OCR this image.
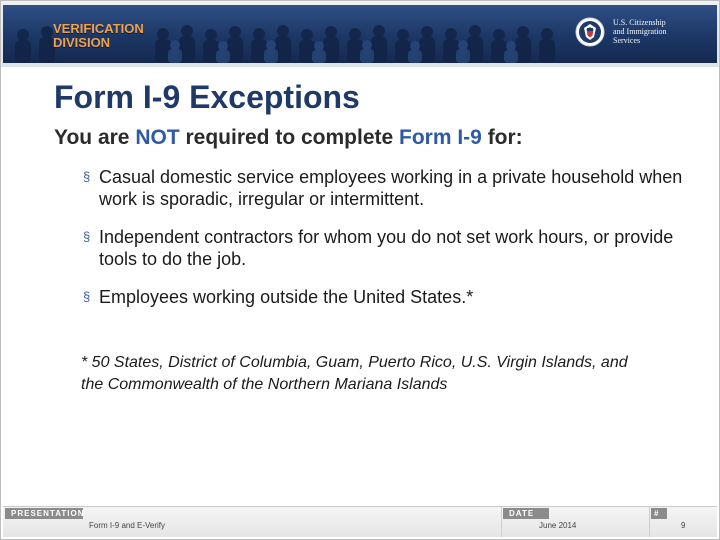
VERIFICATION
DIVISION
U.S. Citizenship
and Immigration
Services
Form I-9 Exceptions
You are NOT required to complete Form I-9 for:
§ Casual domestic service employees working in a private household when work is sporadic, irregular or intermittent.
§ Independent contractors for whom you do not set work hours, or provide tools to do the job.
§ Employees working outside the United States.*
* 50 States, District of Columbia, Guam, Puerto Rico, U.S. Virgin Islands, and the Commonwealth of the Northern Mariana Islands
PRESENTATION
Form I-9 and E-Verify
DATE
June 2014
#
9
